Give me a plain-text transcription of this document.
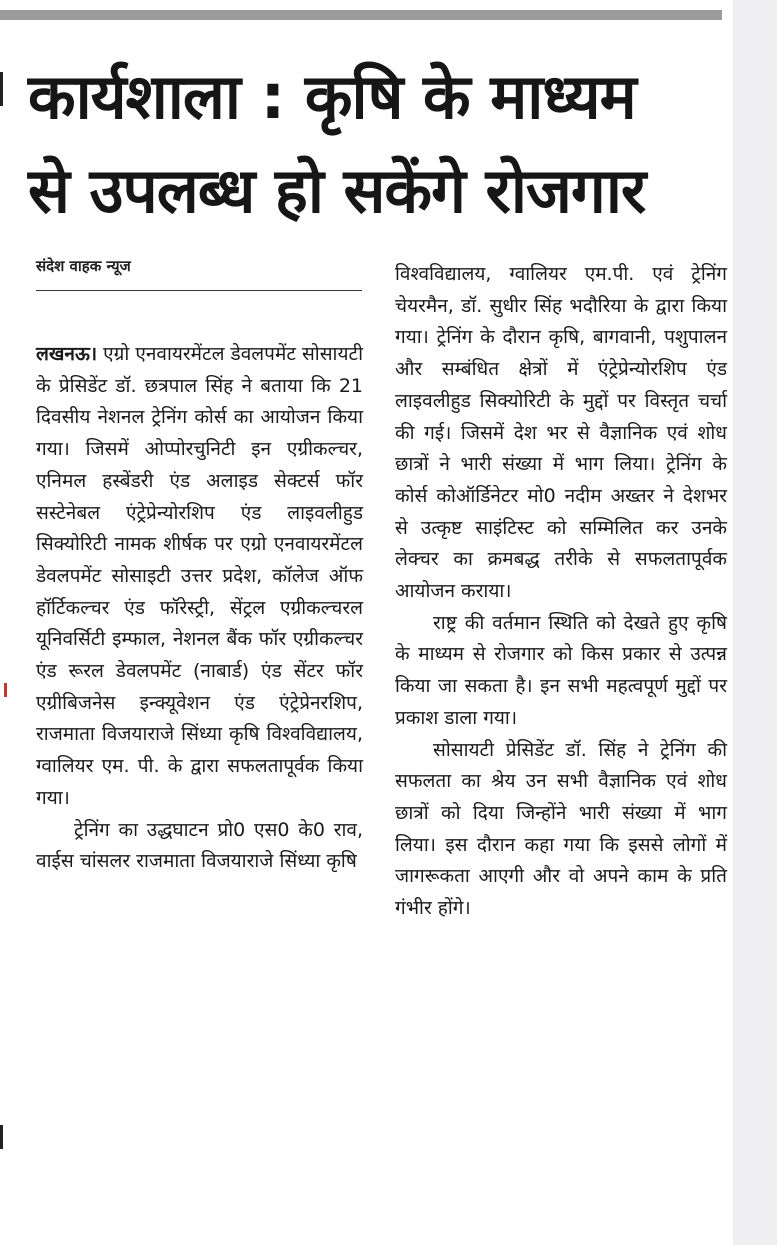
कार्यशाला : कृषि के माध्यम
से उपलब्ध हो सकेंगे रोजगार
संदेश वाहक न्यूज

लखनऊ। एग्रो एनवायरमेंटल डेवलपमेंट सोसायटी के प्रेसिडेंट डॉ. छत्रपाल सिंह ने बताया कि 21 दिवसीय नेशनल ट्रेनिंग कोर्स का आयोजन किया गया। जिसमें ओप्पोरचुनिटी इन एग्रीकल्चर, एनिमल हस्बेंडरी एंड अलाइड सेक्टर्स फॉर सस्टेनेबल एंट्रेप्रेन्योरशिप एंड लाइवलीहुड सिक्योरिटी नामक शीर्षक पर एग्रो एनवायरमेंटल डेवलपमेंट सोसाइटी उत्तर प्रदेश, कॉलेज ऑफ हॉर्टिकल्चर एंड फॉरेस्ट्री, सेंट्रल एग्रीकल्चरल यूनिवर्सिटी इम्फाल, नेशनल बैंक फॉर एग्रीकल्चर एंड रूरल डेवलपमेंट (नाबार्ड) एंड सेंटर फॉर एग्रीबिजनेस इन्क्यूवेशन एंड एंट्रेप्रेनरशिप, राजमाता विजयाराजे सिंध्या कृषि विश्वविद्यालय, ग्वालियर एम. पी. के द्वारा सफलतापूर्वक किया गया।

ट्रेनिंग का उद्धघाटन प्रो0 एस0 के0 राव, वाईस चांसलर राजमाता विजयाराजे सिंध्या कृषि

विश्वविद्यालय, ग्वालियर एम.पी. एवं ट्रेनिंग चेयरमैन, डॉ. सुधीर सिंह भदौरिया के द्वारा किया गया। ट्रेनिंग के दौरान कृषि, बागवानी, पशुपालन और सम्बंधित क्षेत्रों में एंट्रेप्रेन्योरशिप एंड लाइवलीहुड सिक्योरिटी के मुद्दों पर विस्तृत चर्चा की गई। जिसमें देश भर से वैज्ञानिक एवं शोध छात्रों ने भारी संख्या में भाग लिया। ट्रेनिंग के कोर्स कोऑर्डिनेटर मो0 नदीम अख्तर ने देशभर से उत्कृष्ट साइंटिस्ट को सम्मिलित कर उनके लेक्चर का क्रमबद्ध तरीके से सफलतापूर्वक आयोजन कराया।

राष्ट्र की वर्तमान स्थिति को देखते हुए कृषि के माध्यम से रोजगार को किस प्रकार से उत्पन्न किया जा सकता है। इन सभी महत्वपूर्ण मुद्दों पर प्रकाश डाला गया।

सोसायटी प्रेसिडेंट डॉ. सिंह ने ट्रेनिंग की सफलता का श्रेय उन सभी वैज्ञानिक एवं शोध छात्रों को दिया जिन्होंने भारी संख्या में भाग लिया। इस दौरान कहा गया कि इससे लोगों में जागरूकता आएगी और वो अपने काम के प्रति गंभीर होंगे।
